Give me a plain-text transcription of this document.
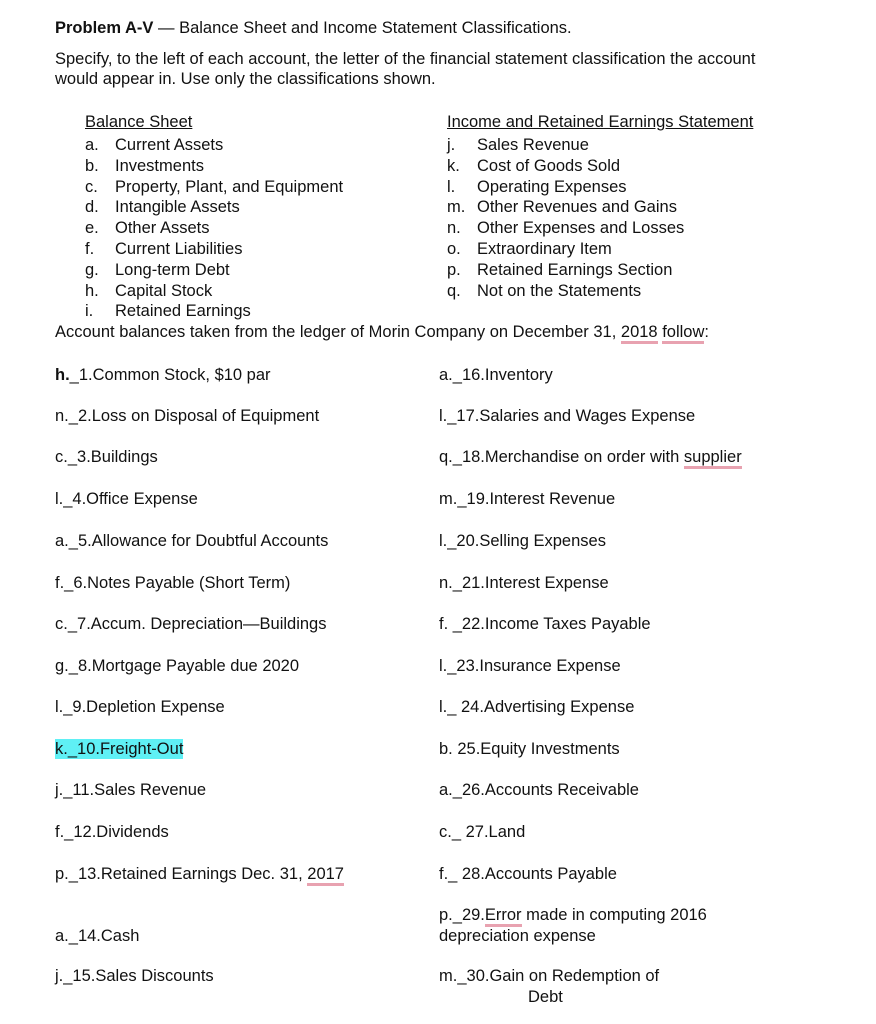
Problem A-V — Balance Sheet and Income Statement Classifications.
Specify, to the left of each account, the letter of the financial statement classification the account
would appear in. Use only the classifications shown.
Balance Sheet
a. Current Assets
b. Investments
c. Property, Plant, and Equipment
d. Intangible Assets
e. Other Assets
f. Current Liabilities
g. Long-term Debt
h. Capital Stock
i. Retained Earnings
Income and Retained Earnings Statement
j. Sales Revenue
k. Cost of Goods Sold
l. Operating Expenses
m. Other Revenues and Gains
n. Other Expenses and Losses
o. Extraordinary Item
p. Retained Earnings Section
q. Not on the Statements
Account balances taken from the ledger of Morin Company on December 31, 2018 follow:
h._1.Common Stock, $10 par
n._2.Loss on Disposal of Equipment
c._3.Buildings
l._4.Office Expense
a._5.Allowance for Doubtful Accounts
f._6.Notes Payable (Short Term)
c._7.Accum. Depreciation—Buildings
g._8.Mortgage Payable due 2020
l._9.Depletion Expense
k._10.Freight-Out
j._11.Sales Revenue
f._12.Dividends
p._13.Retained Earnings Dec. 31, 2017
a._14.Cash
j._15.Sales Discounts
a._16.Inventory
l._17.Salaries and Wages Expense
q._18.Merchandise on order with supplier
m._19.Interest Revenue
l._20.Selling Expenses
n._21.Interest Expense
f. _22.Income Taxes Payable
l._23.Insurance Expense
l._ 24.Advertising Expense
b. 25.Equity Investments
a._26.Accounts Receivable
c._ 27.Land
f._ 28.Accounts Payable
p._29.Error made in computing 2016
depreciation expense
m._30.Gain on Redemption of
Debt
